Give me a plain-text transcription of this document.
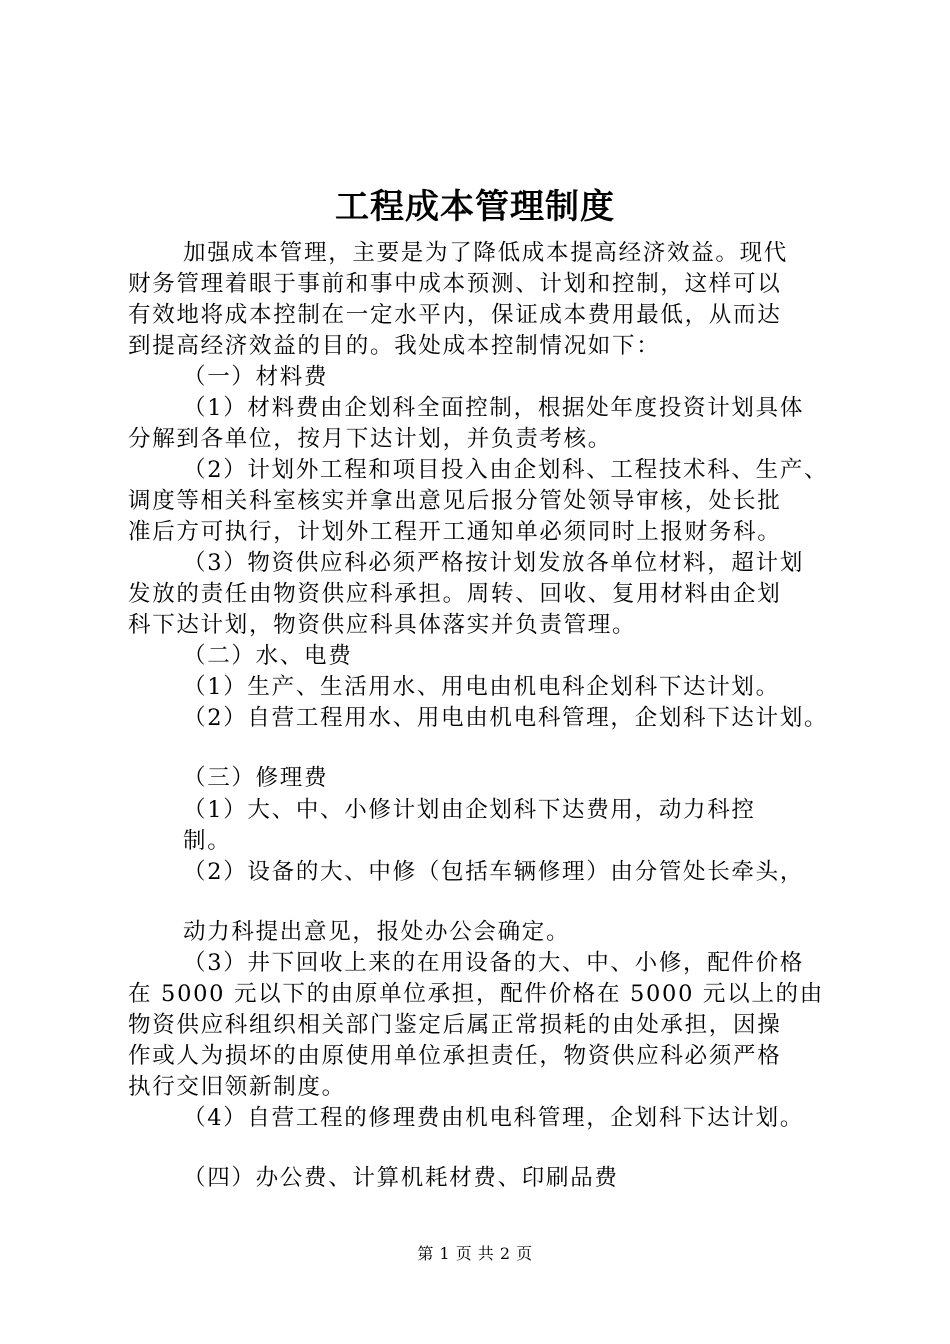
工程成本管理制度
加强成本管理，主要是为了降低成本提高经济效益。现代
财务管理着眼于事前和事中成本预测、计划和控制，这样可以
有效地将成本控制在一定水平内，保证成本费用最低，从而达
到提高经济效益的目的。我处成本控制情况如下：
（一）材料费
（1）材料费由企划科全面控制，根据处年度投资计划具体
分解到各单位，按月下达计划，并负责考核。
（2）计划外工程和项目投入由企划科、工程技术科、生产、
调度等相关科室核实并拿出意见后报分管处领导审核，处长批
准后方可执行，计划外工程开工通知单必须同时上报财务科。
（3）物资供应科必须严格按计划发放各单位材料，超计划
发放的责任由物资供应科承担。周转、回收、复用材料由企划
科下达计划，物资供应科具体落实并负责管理。
（二）水、电费
（1）生产、生活用水、用电由机电科企划科下达计划。
（2）自营工程用水、用电由机电科管理，企划科下达计划。
（三）修理费
（1）大、中、小修计划由企划科下达费用，动力科控
制。
（2）设备的大、中修（包括车辆修理）由分管处长牵头，
动力科提出意见，报处办公会确定。
（3）井下回收上来的在用设备的大、中、小修，配件价格
在 5000 元以下的由原单位承担，配件价格在 5000 元以上的由
物资供应科组织相关部门鉴定后属正常损耗的由处承担，因操
作或人为损坏的由原使用单位承担责任，物资供应科必须严格
执行交旧领新制度。
（4）自营工程的修理费由机电科管理，企划科下达计划。
（四）办公费、计算机耗材费、印刷品费
第 1 页 共 2 页
